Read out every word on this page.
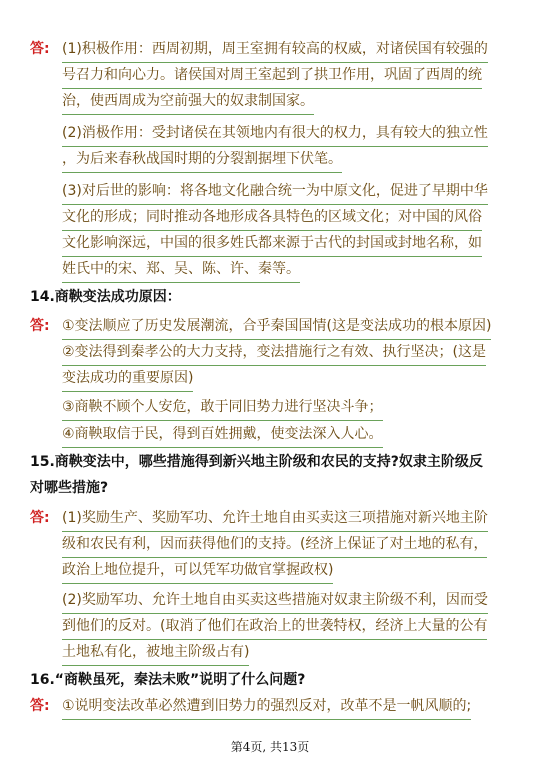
答: (1)积极作用：西周初期，周王室拥有较高的权威，对诸侯国有较强的
号召力和向心力。诸侯国对周王室起到了拱卫作用，巩固了西周的统
治，使西周成为空前强大的奴隶制国家。
(2)消极作用：受封诸侯在其领地内有很大的权力，具有较大的独立性
，为后来春秋战国时期的分裂割据埋下伏笔。
(3)对后世的影响：将各地文化融合统一为中原文化，促进了早期中华
文化的形成；同时推动各地形成各具特色的区域文化；对中国的风俗
文化影响深远，中国的很多姓氏都来源于古代的封国或封地名称，如
姓氏中的宋、郑、吴、陈、许、秦等。
14.商鞅变法成功原因：
答: ①变法顺应了历史发展潮流，合乎秦国国情(这是变法成功的根本原因)
②变法得到秦孝公的大力支持，变法措施行之有效、执行坚决；(这是
变法成功的重要原因)
③商鞅不顾个人安危，敢于同旧势力进行坚决斗争；
④商鞅取信于民，得到百姓拥戴，使变法深入人心。
15.商鞅变法中，哪些措施得到新兴地主阶级和农民的支持?奴隶主阶级反
对哪些措施?
答: (1)奖励生产、奖励军功、允许土地自由买卖这三项措施对新兴地主阶
级和农民有利，因而获得他们的支持。(经济上保证了对土地的私有，
政治上地位提升，可以凭军功做官掌握政权)
(2)奖励军功、允许土地自由买卖这些措施对奴隶主阶级不利，因而受
到他们的反对。(取消了他们在政治上的世袭特权，经济上大量的公有
土地私有化，被地主阶级占有)
16.“商鞅虽死，秦法未败”说明了什么问题?
答: ①说明变法改革必然遭到旧势力的强烈反对，改革不是一帆风顺的;
第4页, 共13页
